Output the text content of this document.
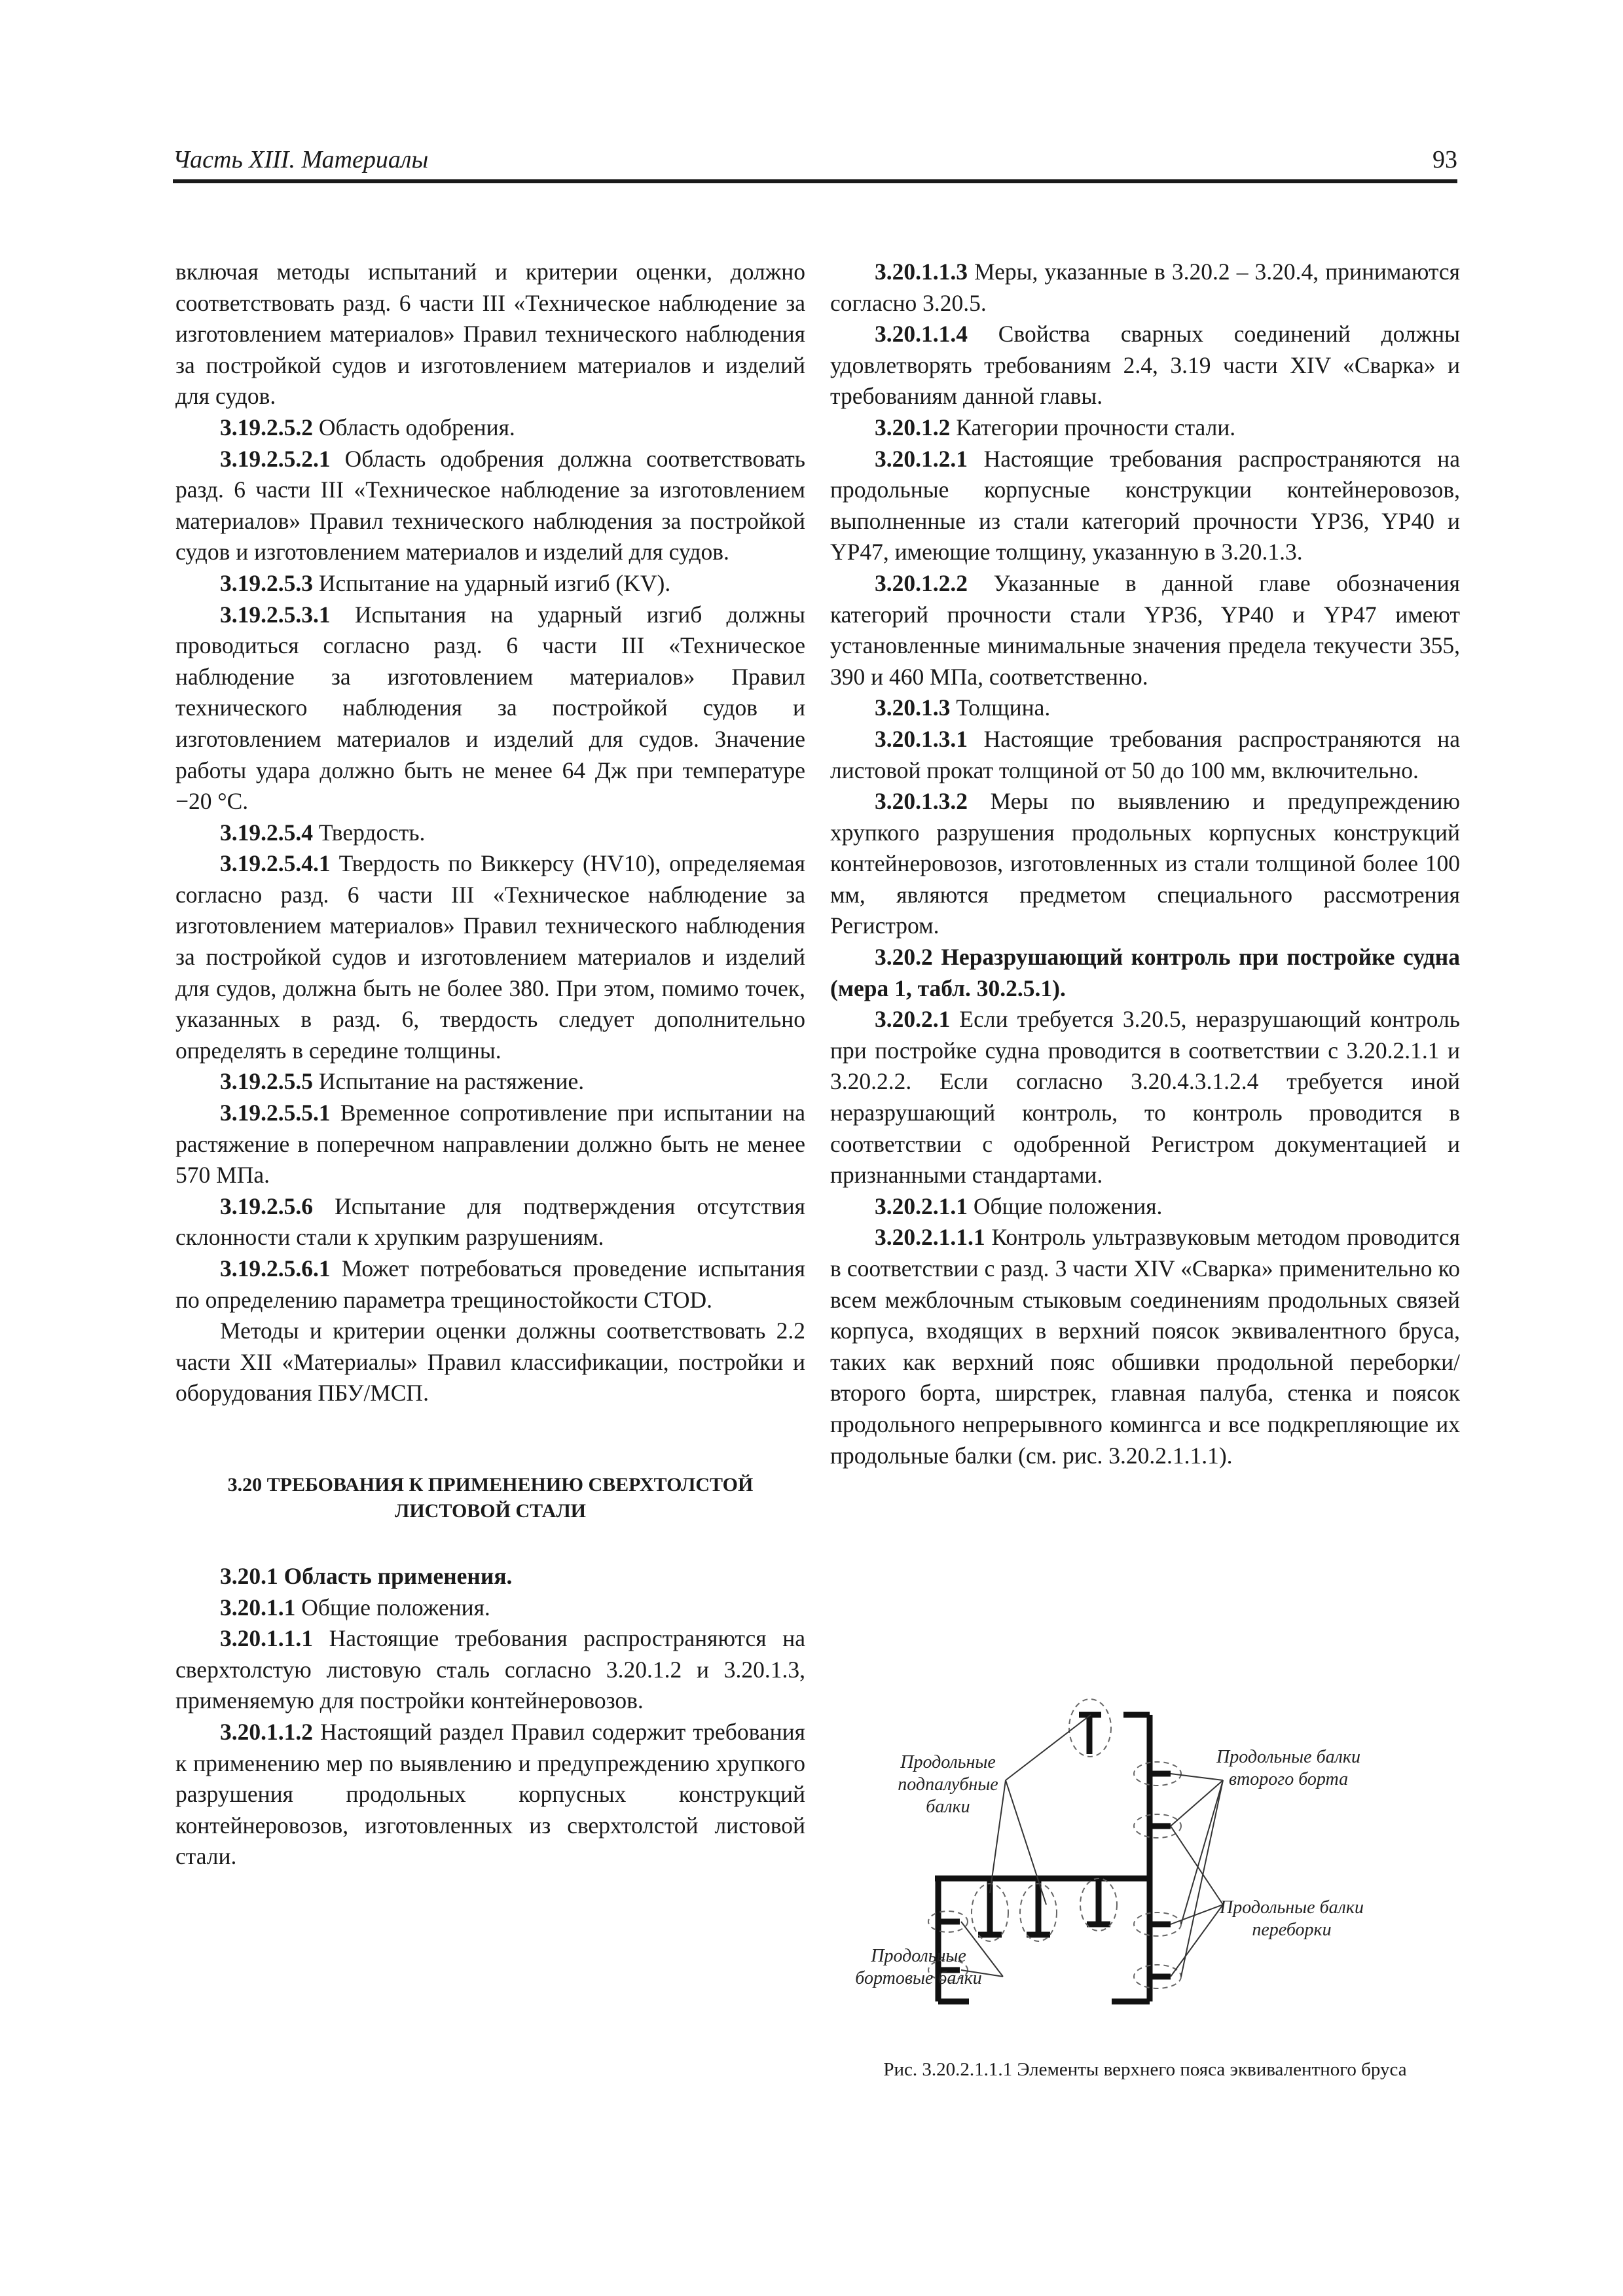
Часть XIII. Материалы	93

включая методы испытаний и критерии оценки, должно соответствовать разд. 6 части III «Техническое наблюдение за изготовлением материалов» Правил технического наблюдения за постройкой судов и изготовлением материалов и изделий для судов.

3.19.2.5.2 Область одобрения.

3.19.2.5.2.1 Область одобрения должна соответствовать разд. 6 части III «Техническое наблюдение за изготовлением материалов» Правил технического наблюдения за постройкой судов и изготовлением материалов и изделий для судов.

3.19.2.5.3 Испытание на ударный изгиб (KV).

3.19.2.5.3.1 Испытания на ударный изгиб должны проводиться согласно разд. 6 части III «Техническое наблюдение за изготовлением материалов» Правил технического наблюдения за постройкой судов и изготовлением материалов и изделий для судов. Значение работы удара должно быть не менее 64 Дж при температуре −20 °С.

3.19.2.5.4 Твердость.

3.19.2.5.4.1 Твердость по Виккерсу (HV10), определяемая согласно разд. 6 части III «Техническое наблюдение за изготовлением материалов» Правил технического наблюдения за постройкой судов и изготовлением материалов и изделий для судов, должна быть не более 380. При этом, помимо точек, указанных в разд. 6, твердость следует дополнительно определять в середине толщины.

3.19.2.5.5 Испытание на растяжение.

3.19.2.5.5.1 Временное сопротивление при испытании на растяжение в поперечном направлении должно быть не менее 570 МПа.

3.19.2.5.6 Испытание для подтверждения отсутствия склонности стали к хрупким разрушениям.

3.19.2.5.6.1 Может потребоваться проведение испытания по определению параметра трещиностойкости CTOD.

Методы и критерии оценки должны соответствовать 2.2 части XII «Материалы» Правил классификации, постройки и оборудования ПБУ/МСП.

3.20 ТРЕБОВАНИЯ К ПРИМЕНЕНИЮ СВЕРХТОЛСТОЙ ЛИСТОВОЙ СТАЛИ

3.20.1 Область применения.

3.20.1.1 Общие положения.

3.20.1.1.1 Настоящие требования распространяются на сверхтолстую листовую сталь согласно 3.20.1.2 и 3.20.1.3, применяемую для постройки контейнеровозов.

3.20.1.1.2 Настоящий раздел Правил содержит требования к применению мер по выявлению и предупреждению хрупкого разрушения продольных корпусных конструкций контейнеровозов, изготовленных из сверхтолстой листовой стали.

3.20.1.1.3 Меры, указанные в 3.20.2 – 3.20.4, принимаются согласно 3.20.5.

3.20.1.1.4 Свойства сварных соединений должны удовлетворять требованиям 2.4, 3.19 части XIV «Сварка» и требованиям данной главы.

3.20.1.2 Категории прочности стали.

3.20.1.2.1 Настоящие требования распространяются на продольные корпусные конструкции контейнеровозов, выполненные из стали категорий прочности YP36, YP40 и YP47, имеющие толщину, указанную в 3.20.1.3.

3.20.1.2.2 Указанные в данной главе обозначения категорий прочности стали YP36, YP40 и YP47 имеют установленные минимальные значения предела текучести 355, 390 и 460 МПа, соответственно.

3.20.1.3 Толщина.

3.20.1.3.1 Настоящие требования распространяются на листовой прокат толщиной от 50 до 100 мм, включительно.

3.20.1.3.2 Меры по выявлению и предупреждению хрупкого разрушения продольных корпусных конструкций контейнеровозов, изготовленных из стали толщиной более 100 мм, являются предметом специального рассмотрения Регистром.

3.20.2 Неразрушающий контроль при постройке судна (мера 1, табл. 30.2.5.1).

3.20.2.1 Если требуется 3.20.5, неразрушающий контроль при постройке судна проводится в соответствии с 3.20.2.1.1 и 3.20.2.2. Если согласно 3.20.4.3.1.2.4 требуется иной неразрушающий контроль, то контроль проводится в соответствии с одобренной Регистром документацией и признанными стандартами.

3.20.2.1.1 Общие положения.

3.20.2.1.1.1 Контроль ультразвуковым методом проводится в соответствии с разд. 3 части XIV «Сварка» применительно ко всем межблочным стыковым соединениям продольных связей корпуса, входящих в верхний поясок эквивалентного бруса, таких как верхний пояс обшивки продольной переборки/второго борта, ширстрек, главная палуба, стенка и поясок продольного непрерывного комингса и все подкрепляющие их продольные балки (см. рис. 3.20.2.1.1.1).

Продольные подпалубные балки
Продольные балки второго борта
Продольные балки переборки
Продольные бортовые балки
Рис. 3.20.2.1.1.1 Элементы верхнего пояса эквивалентного бруса
